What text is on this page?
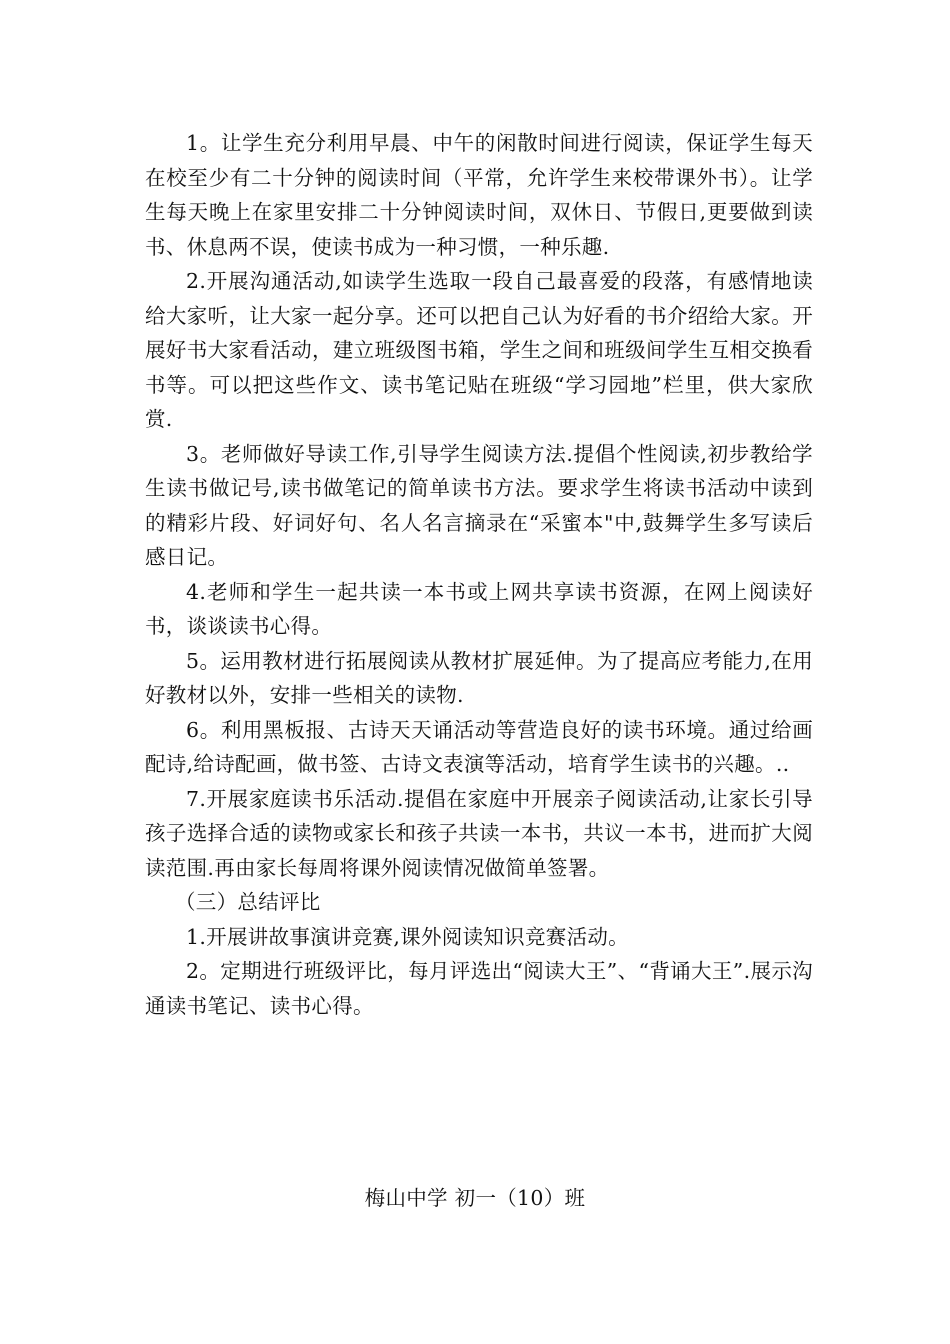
1。让学生充分利用早晨、中午的闲散时间进行阅读，保证学生每天在校至少有二十分钟的阅读时间（平常，允许学生来校带课外书）。让学生每天晚上在家里安排二十分钟阅读时间，双休日、节假日,更要做到读书、休息两不误，使读书成为一种习惯，一种乐趣.

2.开展沟通活动,如读学生选取一段自己最喜爱的段落，有感情地读给大家听，让大家一起分享。还可以把自己认为好看的书介绍给大家。开展好书大家看活动，建立班级图书箱，学生之间和班级间学生互相交换看书等。可以把这些作文、读书笔记贴在班级“学习园地”栏里，供大家欣赏.

3。老师做好导读工作,引导学生阅读方法.提倡个性阅读,初步教给学生读书做记号,读书做笔记的简单读书方法。要求学生将读书活动中读到的精彩片段、好词好句、名人名言摘录在“采蜜本"中,鼓舞学生多写读后感日记。

4.老师和学生一起共读一本书或上网共享读书资源，在网上阅读好书，谈谈读书心得。

5。运用教材进行拓展阅读从教材扩展延伸。为了提高应考能力,在用好教材以外，安排一些相关的读物.

6。利用黑板报、古诗天天诵活动等营造良好的读书环境。通过给画配诗,给诗配画，做书签、古诗文表演等活动，培育学生读书的兴趣。..

7.开展家庭读书乐活动.提倡在家庭中开展亲子阅读活动,让家长引导孩子选择合适的读物或家长和孩子共读一本书，共议一本书，进而扩大阅读范围.再由家长每周将课外阅读情况做简单签署。

（三）总结评比

1.开展讲故事演讲竞赛,课外阅读知识竞赛活动。

2。定期进行班级评比，每月评选出“阅读大王”、“背诵大王”.展示沟通读书笔记、读书心得。

梅山中学 初一（10）班
